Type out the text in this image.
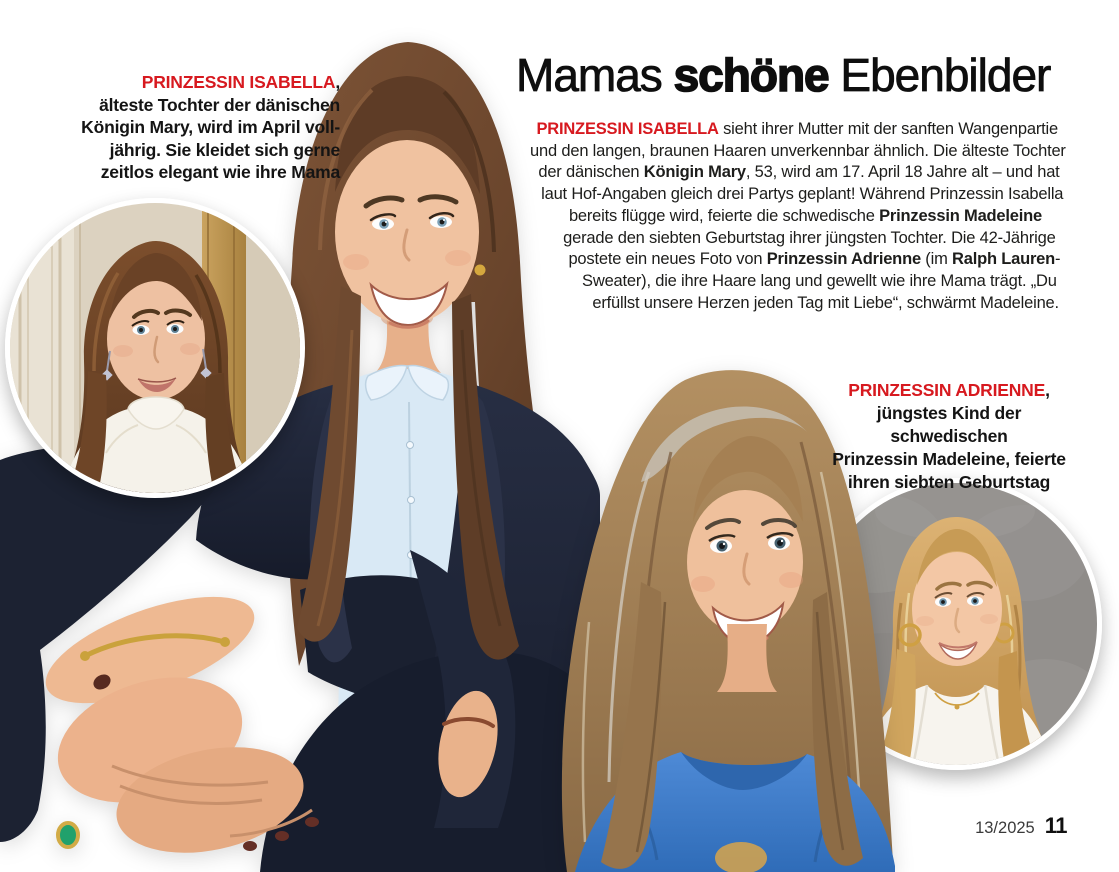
PRINZESSIN ISABELLA,
älteste Tochter der dänischen
Königin Mary, wird im April voll-
jährig. Sie kleidet sich gerne
zeitlos elegant wie ihre Mama
PRINZESSIN ADRIENNE,
jüngstes Kind der schwedischen
Prinzessin Madeleine, feierte
ihren siebten Geburtstag
Mamas schöne Ebenbilder

PRINZESSIN ISABELLA sieht ihrer Mutter mit der sanften Wangenpartie und den langen, braunen Haaren unverkennbar ähnlich. Die älteste Tochter der dänischen Königin Mary, 53, wird am 17. April 18 Jahre alt – und hat laut Hof-Angaben gleich drei Partys geplant! Während Prinzessin Isabella bereits flügge wird, feierte die schwedische Prinzessin Madeleine gerade den siebten Geburtstag ihrer jüngsten Tochter. Die 42-Jährige postete ein neues Foto von Prinzessin Adrienne (im Ralph Lauren-Sweater), die ihre Haare lang und gewellt wie ihre Mama trägt. „Du erfüllst unsere Herzen jeden Tag mit Liebe“, schwärmt Madeleine.

13/2025 11
